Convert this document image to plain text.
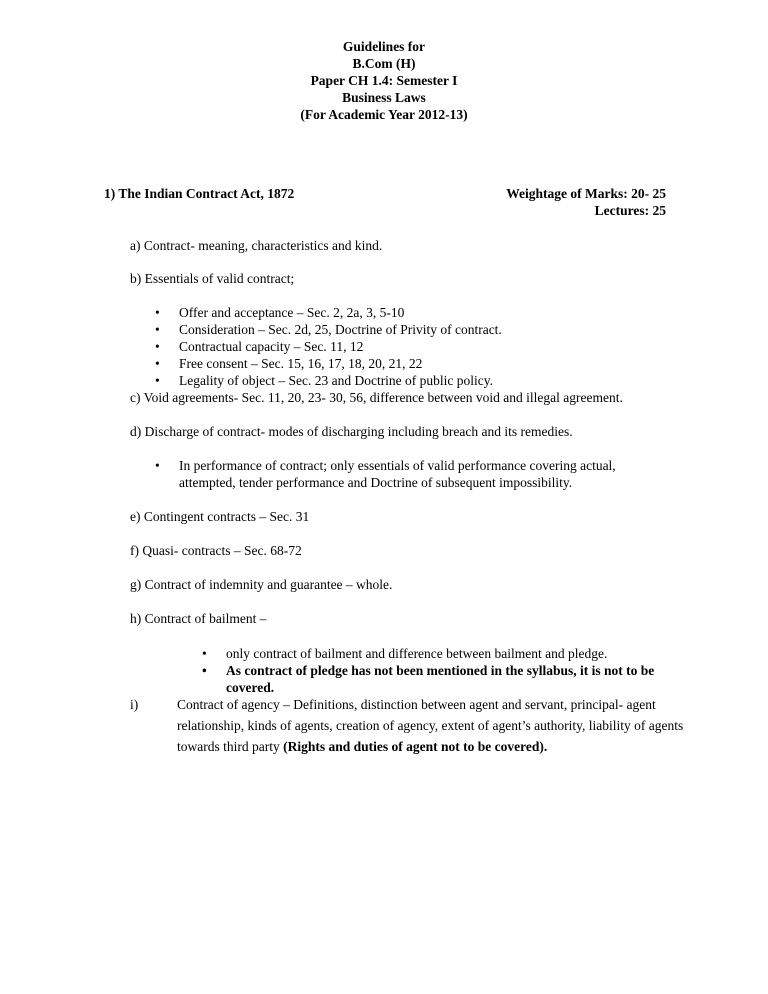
Guidelines for
B.Com (H)
Paper CH 1.4: Semester I
Business Laws
(For Academic Year 2012-13)
1) The Indian Contract Act, 1872	Weightage of Marks: 20- 25
Lectures: 25
a) Contract- meaning, characteristics and kind.
b) Essentials of valid contract;
• Offer and acceptance – Sec. 2, 2a, 3, 5-10
• Consideration – Sec. 2d, 25, Doctrine of Privity of contract.
• Contractual capacity – Sec. 11, 12
• Free consent – Sec. 15, 16, 17, 18, 20, 21, 22
• Legality of object – Sec. 23 and Doctrine of public policy.
c) Void agreements- Sec. 11, 20, 23- 30, 56, difference between void and illegal agreement.
d) Discharge of contract- modes of discharging including breach and its remedies.
• In performance of contract; only essentials of valid performance covering actual, attempted, tender performance and Doctrine of subsequent impossibility.
e) Contingent contracts – Sec. 31
f) Quasi- contracts – Sec. 68-72
g) Contract of indemnity and guarantee – whole.
h) Contract of bailment –
• only contract of bailment and difference between bailment and pledge.
• As contract of pledge has not been mentioned in the syllabus, it is not to be covered.
i)	Contract of agency – Definitions, distinction between agent and servant, principal- agent relationship, kinds of agents, creation of agency, extent of agent’s authority, liability of agents towards third party (Rights and duties of agent not to be covered).
